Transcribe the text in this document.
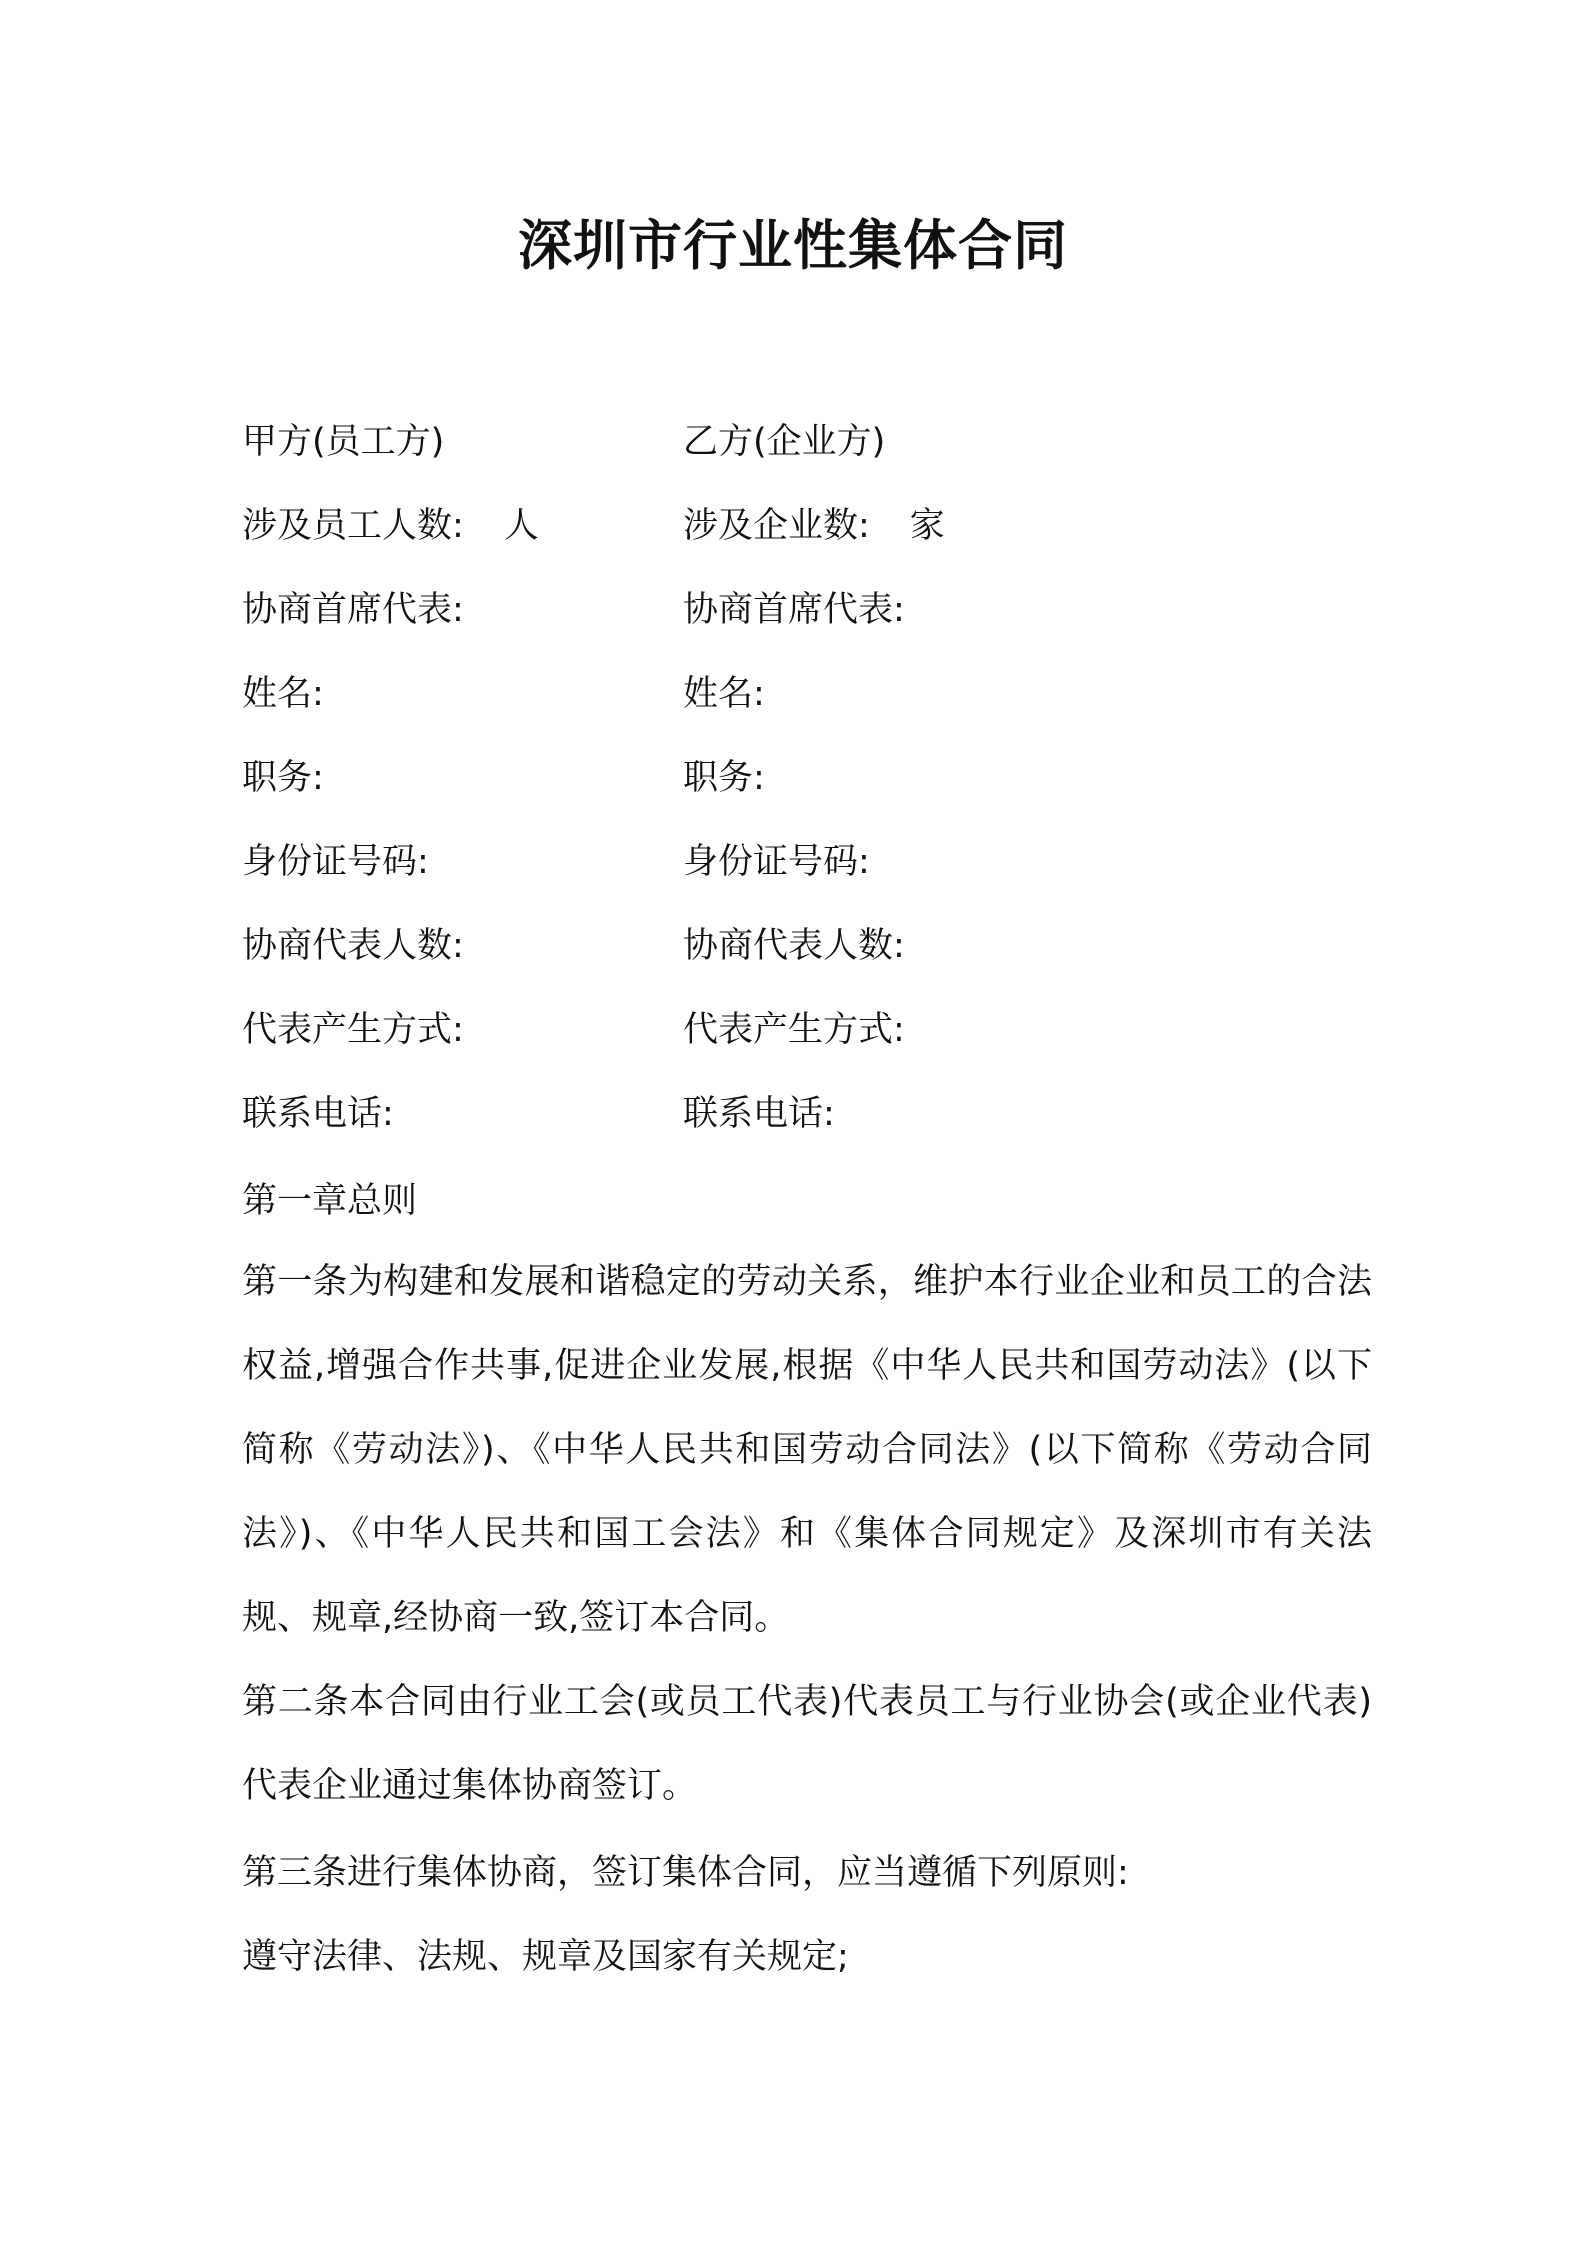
深圳市行业性集体合同
甲方(员工方)	乙方(企业方)
涉及员工人数: 人	涉及企业数: 家
协商首席代表:	协商首席代表:
姓名:	姓名:
职务:	职务:
身份证号码:	身份证号码:
协商代表人数:	协商代表人数:
代表产生方式:	代表产生方式:
联系电话:	联系电话:
第一章总则

第一条为构建和发展和谐稳定的劳动关系，维护本行业企业和员工的合法权益,增强合作共事,促进企业发展,根据《中华人民共和国劳动法》(以下简称《劳动法》)、《中华人民共和国劳动合同法》(以下简称《劳动合同法》)、《中华人民共和国工会法》和《集体合同规定》及深圳市有关法规、规章,经协商一致,签订本合同。

第二条本合同由行业工会(或员工代表)代表员工与行业协会(或企业代表)代表企业通过集体协商签订。

第三条进行集体协商，签订集体合同，应当遵循下列原则:
遵守法律、法规、规章及国家有关规定;
